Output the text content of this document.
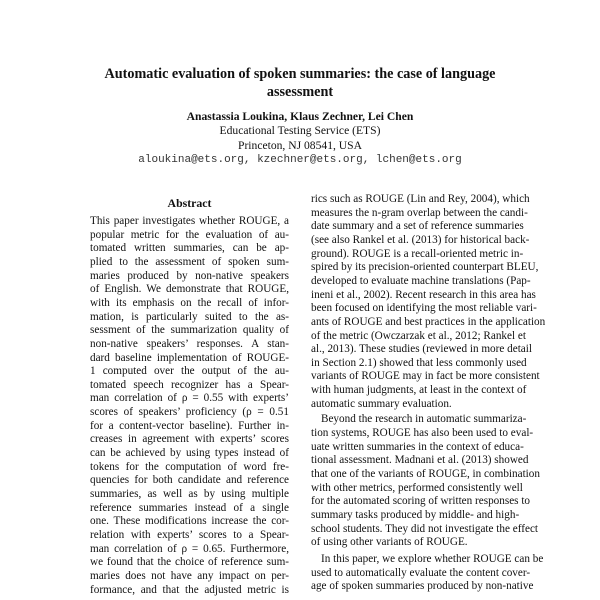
Automatic evaluation of spoken summaries: the case of language
assessment
Anastassia Loukina, Klaus Zechner, Lei Chen
Educational Testing Service (ETS)
Princeton, NJ 08541, USA
aloukina@ets.org, kzechner@ets.org, lchen@ets.org
Abstract
This paper investigates whether ROUGE, a
popular metric for the evaluation of au-
tomated written summaries, can be ap-
plied to the assessment of spoken sum-
maries produced by non-native speakers
of English. We demonstrate that ROUGE,
with its emphasis on the recall of infor-
mation, is particularly suited to the as-
sessment of the summarization quality of
non-native speakers’ responses. A stan-
dard baseline implementation of ROUGE-
1 computed over the output of the au-
tomated speech recognizer has a Spear-
man correlation of ρ = 0.55 with experts’
scores of speakers’ proficiency (ρ = 0.51
for a content-vector baseline). Further in-
creases in agreement with experts’ scores
can be achieved by using types instead of
tokens for the computation of word fre-
quencies for both candidate and reference
summaries, as well as by using multiple
reference summaries instead of a single
one. These modifications increase the cor-
relation with experts’ scores to a Spear-
man correlation of ρ = 0.65. Furthermore,
we found that the choice of reference sum-
maries does not have any impact on per-
formance, and that the adjusted metric is
rics such as ROUGE (Lin and Rey, 2004), which
measures the n-gram overlap between the candi-
date summary and a set of reference summaries
(see also Rankel et al. (2013) for historical back-
ground). ROUGE is a recall-oriented metric in-
spired by its precision-oriented counterpart BLEU,
developed to evaluate machine translations (Pap-
ineni et al., 2002). Recent research in this area has
been focused on identifying the most reliable vari-
ants of ROUGE and best practices in the application
of the metric (Owczarzak et al., 2012; Rankel et
al., 2013). These studies (reviewed in more detail
in Section 2.1) showed that less commonly used
variants of ROUGE may in fact be more consistent
with human judgments, at least in the context of
automatic summary evaluation.
Beyond the research in automatic summariza-
tion systems, ROUGE has also been used to eval-
uate written summaries in the context of educa-
tional assessment. Madnani et al. (2013) showed
that one of the variants of ROUGE, in combination
with other metrics, performed consistently well
for the automated scoring of written responses to
summary tasks produced by middle- and high-
school students. They did not investigate the effect
of using other variants of ROUGE.
In this paper, we explore whether ROUGE can be
used to automatically evaluate the content cover-
age of spoken summaries produced by non-native
